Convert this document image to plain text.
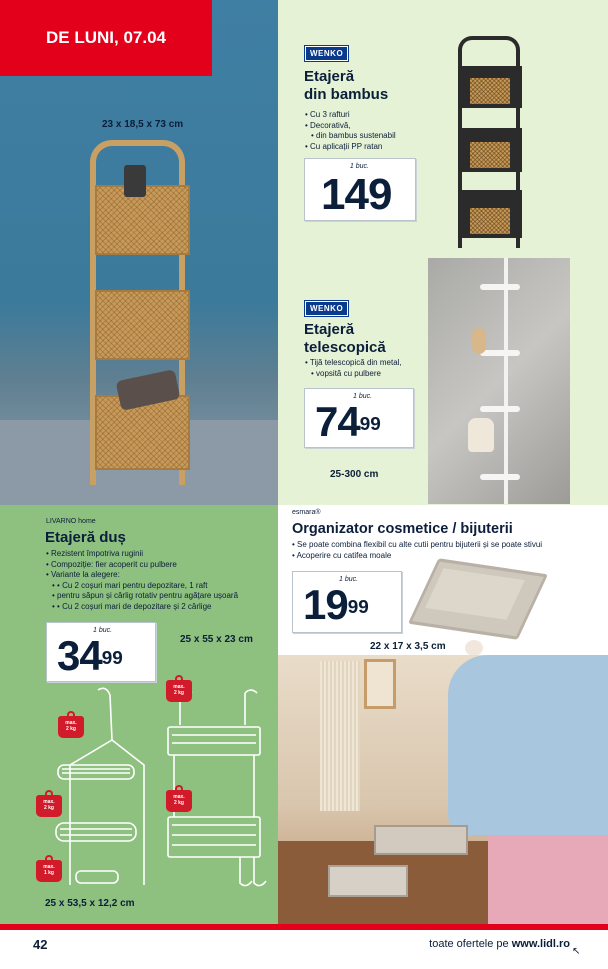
23 x 18,5 x 73 cm
DE LUNI, 07.04
WENKO
Etajeră
din bambus
• Cu 3 rafturi
• Decorativă,
• din bambus sustenabil
• Cu aplicații PP ratan
1 buc.
149
WENKO
Etajeră
telescopică
• Tijă telescopică din metal,
• vopsită cu pulbere
1 buc.
$74^{99}$
25-300 cm
esmara®
Organizator cosmetice / bijuterii
• Se poate combina flexibil cu alte cutii pentru bijuterii și se poate stivui
• Acoperire cu catifea moale
1 buc.
$19^{99}$
22 x 17 x 3,5 cm
LIVARNO home
Etajeră duș
• Rezistent împotriva ruginii
• Compoziție: fier acoperit cu pulbere
• Variante la alegere:
• • Cu 2 coșuri mari pentru depozitare, 1 raft
• pentru săpun și cârlig rotativ pentru agățare ușoară
• • Cu 2 coșuri mari de depozitare și 2 cârlige
1 buc.
$34^{99}$
25 x 55 x 23 cm
25 x 53,5 x 12,2 cm
max.
2 kg
max.
2 kg
max.
1 kg
max.
2 kg
max.
2 kg
42	toate ofertele pe www.lidl.ro
↖
